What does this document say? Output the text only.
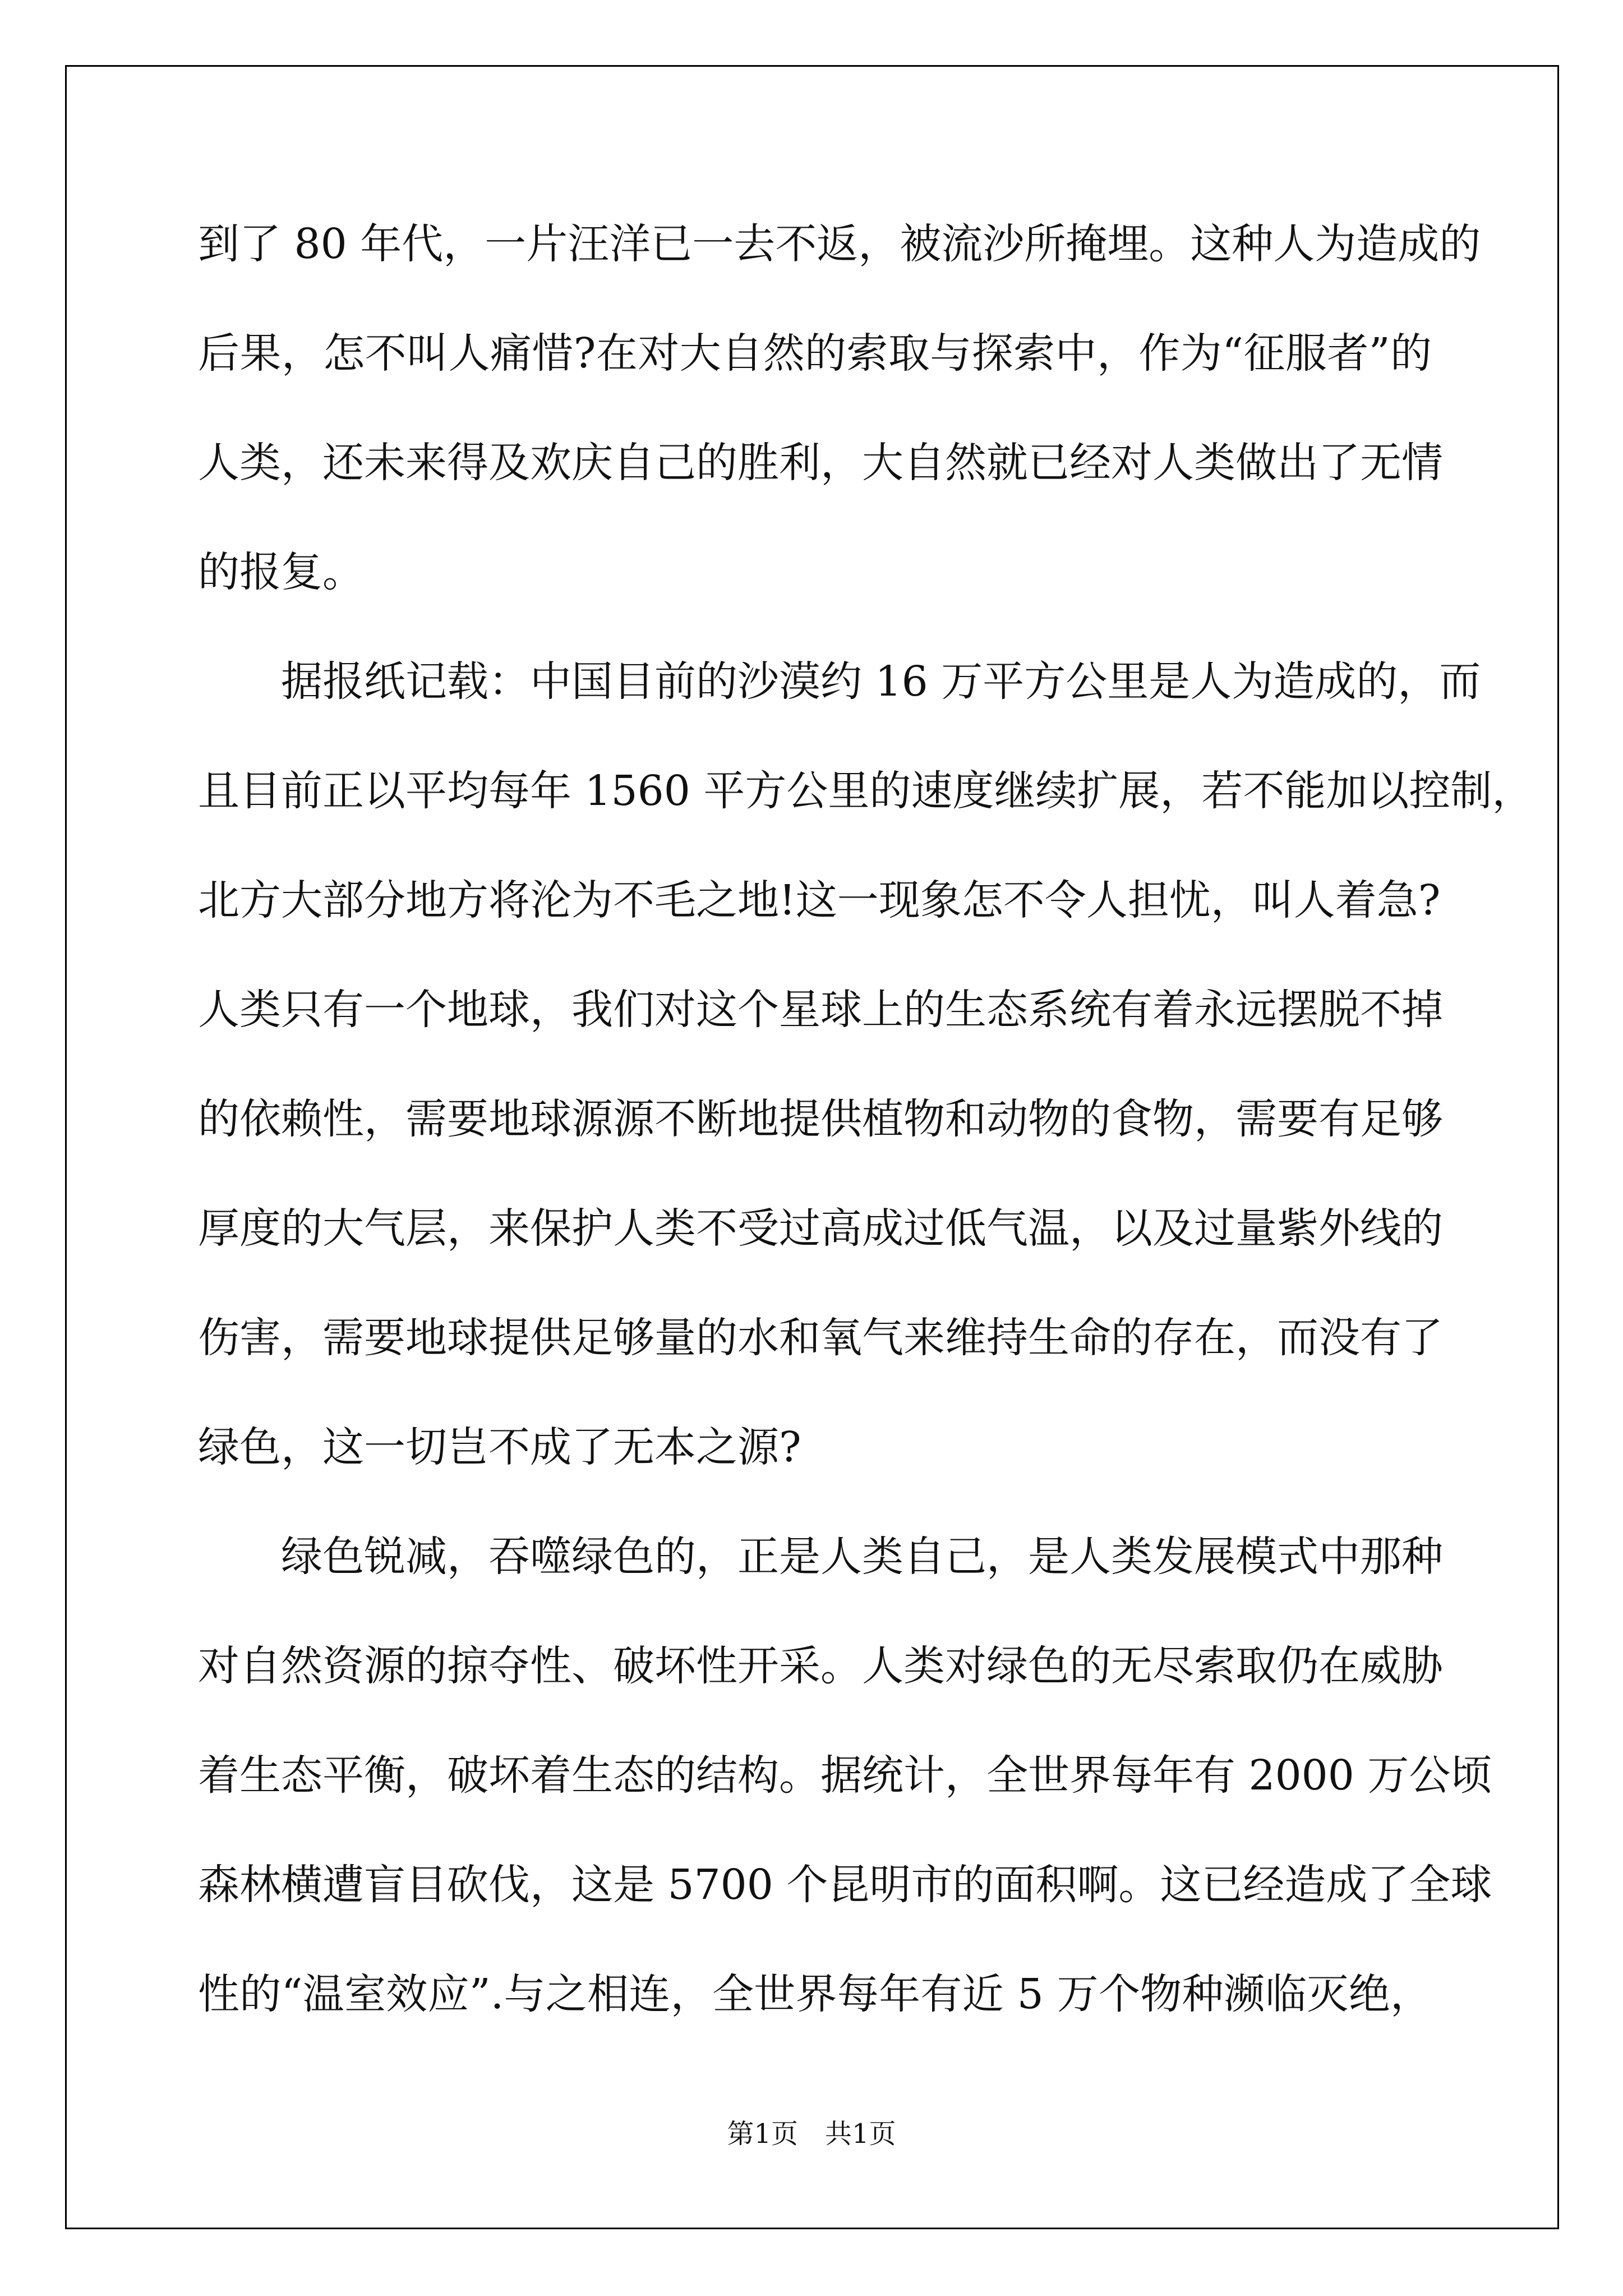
到了 80 年代，一片汪洋已一去不返，被流沙所掩埋。这种人为造成的
后果，怎不叫人痛惜?在对大自然的索取与探索中，作为“征服者”的
人类，还未来得及欢庆自己的胜利，大自然就已经对人类做出了无情
的报复。
　　据报纸记载：中国目前的沙漠约 16 万平方公里是人为造成的，而
且目前正以平均每年 1560 平方公里的速度继续扩展，若不能加以控制，
北方大部分地方将沦为不毛之地!这一现象怎不令人担忧，叫人着急?
人类只有一个地球，我们对这个星球上的生态系统有着永远摆脱不掉
的依赖性，需要地球源源不断地提供植物和动物的食物，需要有足够
厚度的大气层，来保护人类不受过高成过低气温，以及过量紫外线的
伤害，需要地球提供足够量的水和氧气来维持生命的存在，而没有了
绿色，这一切岂不成了无本之源?
　　绿色锐减，吞噬绿色的，正是人类自己，是人类发展模式中那种
对自然资源的掠夺性、破坏性开采。人类对绿色的无尽索取仍在威胁
着生态平衡，破坏着生态的结构。据统计，全世界每年有 2000 万公顷
森林横遭盲目砍伐，这是 5700 个昆明市的面积啊。这已经造成了全球
性的“温室效应”.与之相连，全世界每年有近 5 万个物种濒临灭绝，
第1页　共1页
